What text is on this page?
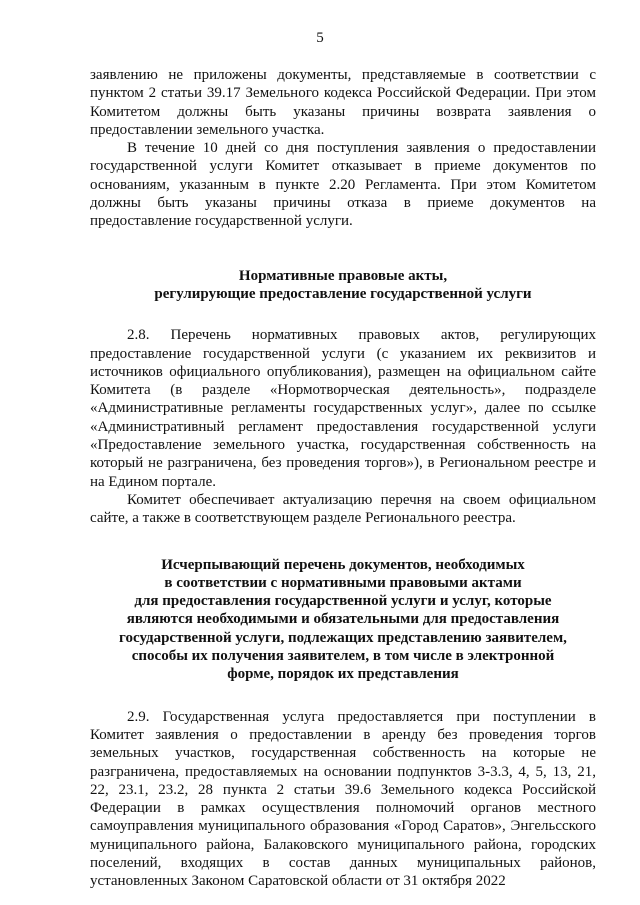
5

заявлению не приложены документы, представляемые в соответствии с пунктом 2 статьи 39.17 Земельного кодекса Российской Федерации. При этом Комитетом должны быть указаны причины возврата заявления о предоставлении земельного участка.

В течение 10 дней со дня поступления заявления о предоставлении государственной услуги Комитет отказывает в приеме документов по основаниям, указанным в пункте 2.20 Регламента. При этом Комитетом должны быть указаны причины отказа в приеме документов на предоставление государственной услуги.

Нормативные правовые акты,
регулирующие предоставление государственной услуги

2.8. Перечень нормативных правовых актов, регулирующих предоставление государственной услуги (с указанием их реквизитов и источников официального опубликования), размещен на официальном сайте Комитета (в разделе «Нормотворческая деятельность», подразделе «Административные регламенты государственных услуг», далее по ссылке «Административный регламент предоставления государственной услуги «Предоставление земельного участка, государственная собственность на который не разграничена, без проведения торгов»), в Региональном реестре и на Едином портале.

Комитет обеспечивает актуализацию перечня на своем официальном сайте, а также в соответствующем разделе Регионального реестра.

Исчерпывающий перечень документов, необходимых
в соответствии с нормативными правовыми актами
для предоставления государственной услуги и услуг, которые
являются необходимыми и обязательными для предоставления
государственной услуги, подлежащих представлению заявителем,
способы их получения заявителем, в том числе в электронной
форме, порядок их представления

2.9. Государственная услуга предоставляется при поступлении в Комитет заявления о предоставлении в аренду без проведения торгов земельных участков, государственная собственность на которые не разграничена, предоставляемых на основании подпунктов 3-3.3, 4, 5, 13, 21, 22, 23.1, 23.2, 28 пункта 2 статьи 39.6 Земельного кодекса Российской Федерации в рамках осуществления полномочий органов местного самоуправления муниципального образования «Город Саратов», Энгельсского муниципального района, Балаковского муниципального района, городских поселений, входящих в состав данных муниципальных районов, установленных Законом Саратовской области от 31 октября 2022
